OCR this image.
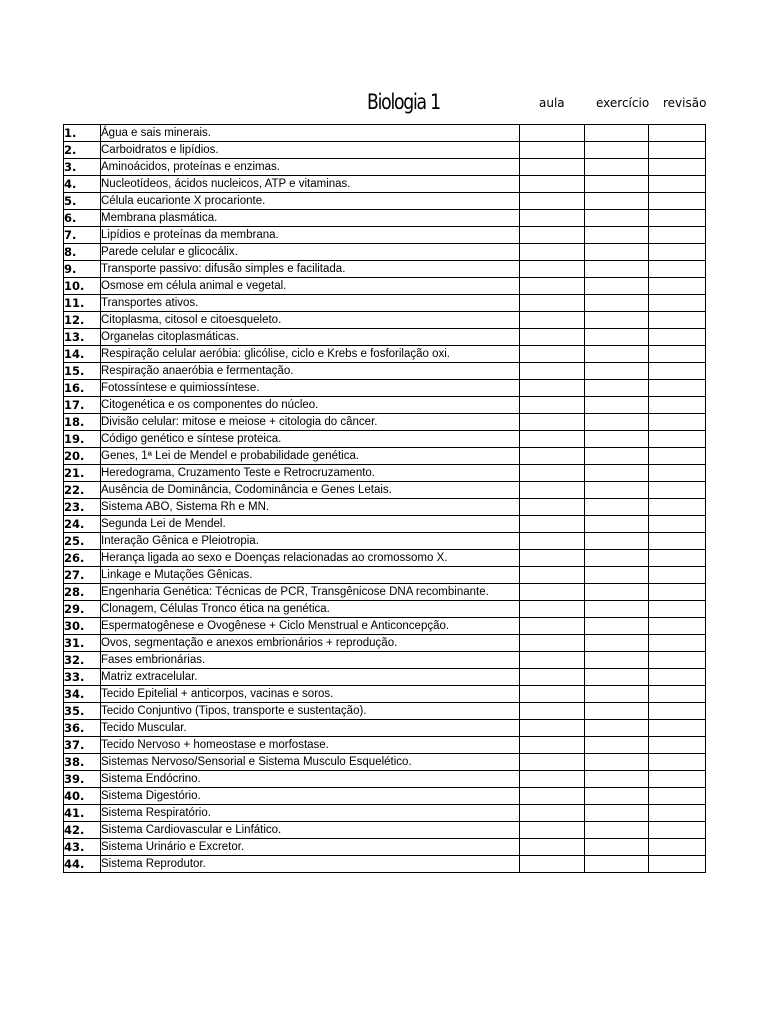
Biologia 1	aula	exercício revisão
1.	Água e sais minerais.			
2.	Carboidratos e lipídios.			
3.	Aminoácidos, proteínas e enzimas.			
4.	Nucleotídeos, ácidos nucleicos, ATP e vitaminas.			
5.	Célula eucarionte X procarionte.			
6.	Membrana plasmática.			
7.	Lipídios e proteínas da membrana.			
8.	Parede celular e glicocálix.			
9.	Transporte passivo: difusão simples e facilitada.			
10.	Osmose em célula animal e vegetal.			
11.	Transportes ativos.			
12.	Citoplasma, citosol e citoesqueleto.			
13.	Organelas citoplasmáticas.			
14.	Respiração celular aeróbia: glicólise, ciclo e Krebs e fosforilação oxi.			
15.	Respiração anaeróbia e fermentação.			
16.	Fotossíntese e quimiossíntese.			
17.	Citogenética e os componentes do núcleo.			
18.	Divisão celular: mitose e meiose + citologia do câncer.			
19.	Código genético e síntese proteica.			
20.	Genes, 1ª Lei de Mendel e probabilidade genética.			
21.	Heredograma, Cruzamento Teste e Retrocruzamento.			
22.	Ausência de Dominância, Codominância e Genes Letais.			
23.	Sistema ABO, Sistema Rh e MN.			
24.	Segunda Lei de Mendel.			
25.	Interação Gênica e Pleiotropia.			
26.	Herança ligada ao sexo e Doenças relacionadas ao cromossomo X.			
27.	Linkage e Mutações Gênicas.			
28.	Engenharia Genética: Técnicas de PCR, Transgênicose DNA recombinante.			
29.	Clonagem, Células Tronco ética na genética.			
30.	Espermatogênese e Ovogênese + Ciclo Menstrual e Anticoncepção.			
31.	Ovos, segmentação e anexos embrionários + reprodução.			
32.	Fases embrionárias.			
33.	Matriz extracelular.			
34.	Tecido Epitelial + anticorpos, vacinas e soros.			
35.	Tecido Conjuntivo (Tipos, transporte e sustentação).			
36.	Tecido Muscular.			
37.	Tecido Nervoso + homeostase e morfostase.			
38.	Sistemas Nervoso/Sensorial e Sistema Musculo Esquelético.			
39.	Sistema Endócrino.			
40.	Sistema Digestório.			
41.	Sistema Respiratório.			
42.	Sistema Cardiovascular e Linfático.			
43.	Sistema Urinário e Excretor.			
44.	Sistema Reprodutor.			
